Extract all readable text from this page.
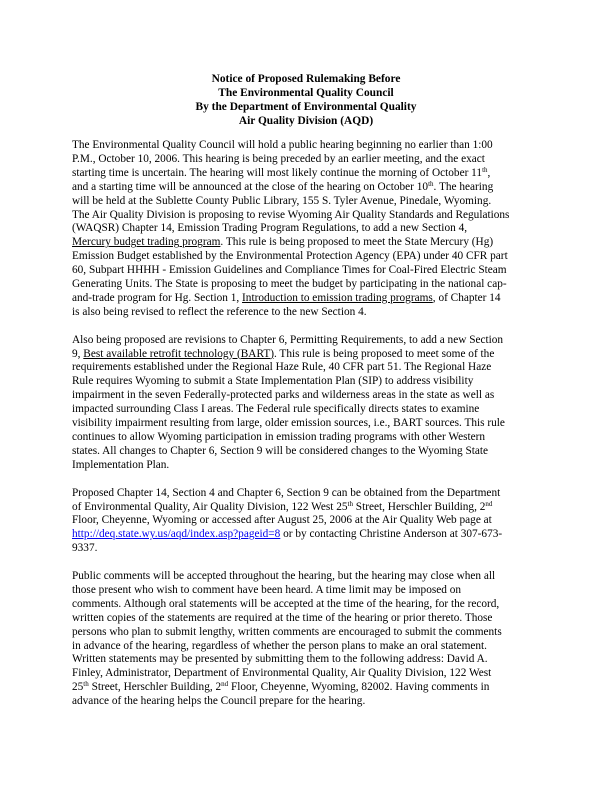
Notice of Proposed Rulemaking Before
The Environmental Quality Council
By the Department of Environmental Quality
Air Quality Division (AQD)
The Environmental Quality Council will hold a public hearing beginning no earlier than 1:00
P.M., October 10, 2006. This hearing is being preceded by an earlier meeting, and the exact
starting time is uncertain. The hearing will most likely continue the morning of October 11th,
and a starting time will be announced at the close of the hearing on October 10th. The hearing
will be held at the Sublette County Public Library, 155 S. Tyler Avenue, Pinedale, Wyoming.
The Air Quality Division is proposing to revise Wyoming Air Quality Standards and Regulations
(WAQSR) Chapter 14, Emission Trading Program Regulations, to add a new Section 4,
Mercury budget trading program. This rule is being proposed to meet the State Mercury (Hg)
Emission Budget established by the Environmental Protection Agency (EPA) under 40 CFR part
60, Subpart HHHH - Emission Guidelines and Compliance Times for Coal-Fired Electric Steam
Generating Units. The State is proposing to meet the budget by participating in the national cap-
and-trade program for Hg. Section 1, Introduction to emission trading programs, of Chapter 14
is also being revised to reflect the reference to the new Section 4.
Also being proposed are revisions to Chapter 6, Permitting Requirements, to add a new Section
9, Best available retrofit technology (BART). This rule is being proposed to meet some of the
requirements established under the Regional Haze Rule, 40 CFR part 51. The Regional Haze
Rule requires Wyoming to submit a State Implementation Plan (SIP) to address visibility
impairment in the seven Federally-protected parks and wilderness areas in the state as well as
impacted surrounding Class I areas. The Federal rule specifically directs states to examine
visibility impairment resulting from large, older emission sources, i.e., BART sources. This rule
continues to allow Wyoming participation in emission trading programs with other Western
states. All changes to Chapter 6, Section 9 will be considered changes to the Wyoming State
Implementation Plan.
Proposed Chapter 14, Section 4 and Chapter 6, Section 9 can be obtained from the Department
of Environmental Quality, Air Quality Division, 122 West 25th Street, Herschler Building, 2nd
Floor, Cheyenne, Wyoming or accessed after August 25, 2006 at the Air Quality Web page at
http://deq.state.wy.us/aqd/index.asp?pageid=8 or by contacting Christine Anderson at 307-673-
9337.
Public comments will be accepted throughout the hearing, but the hearing may close when all
those present who wish to comment have been heard. A time limit may be imposed on
comments. Although oral statements will be accepted at the time of the hearing, for the record,
written copies of the statements are required at the time of the hearing or prior thereto. Those
persons who plan to submit lengthy, written comments are encouraged to submit the comments
in advance of the hearing, regardless of whether the person plans to make an oral statement.
Written statements may be presented by submitting them to the following address: David A.
Finley, Administrator, Department of Environmental Quality, Air Quality Division, 122 West
25th Street, Herschler Building, 2nd Floor, Cheyenne, Wyoming, 82002. Having comments in
advance of the hearing helps the Council prepare for the hearing.
